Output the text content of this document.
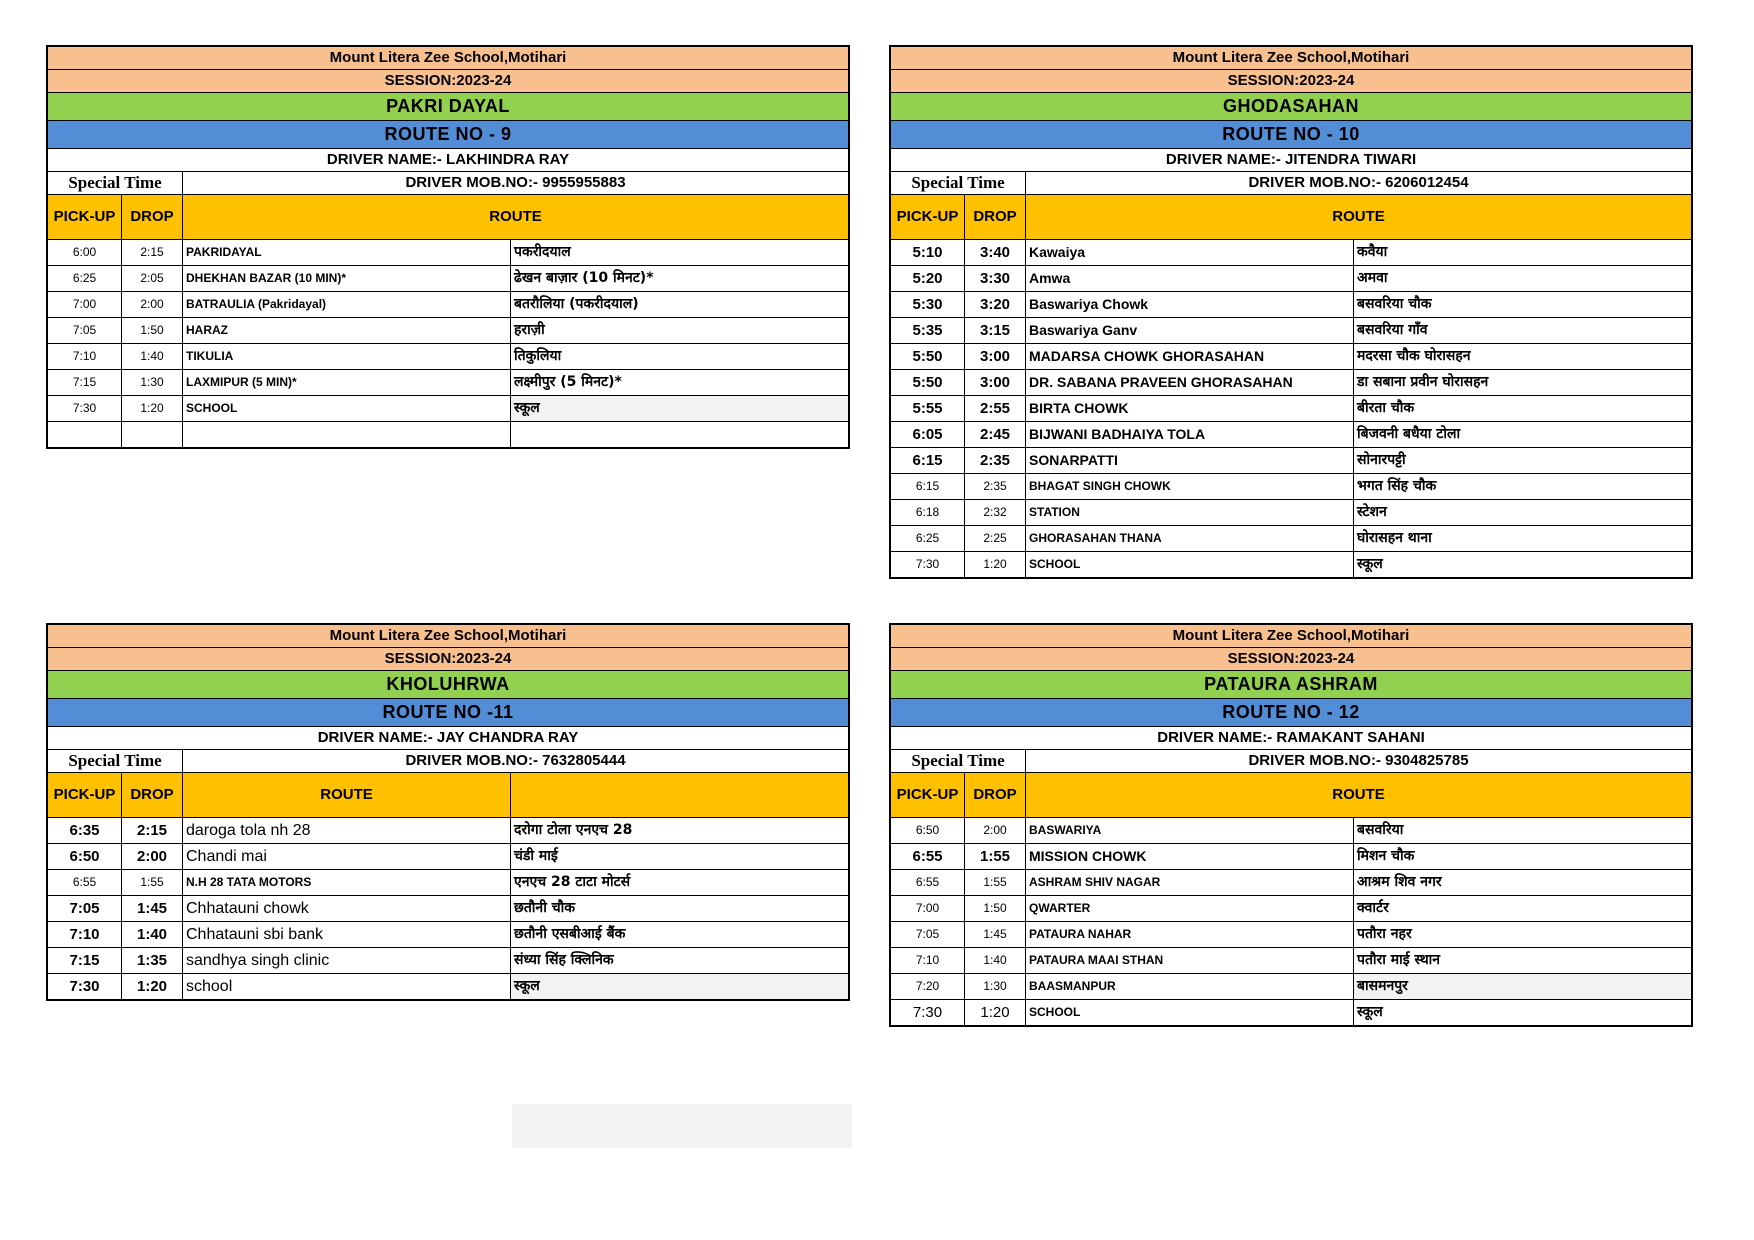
Mount Litera Zee School,Motihari
SESSION:2023-24
PAKRI DAYAL
ROUTE NO - 9
DRIVER NAME:- LAKHINDRA RAY
Special Time	DRIVER MOB.NO:- 9955955883
PICK-UP	DROP	ROUTE
6:00	2:15	PAKRIDAYAL	पकरीदयाल
6:25	2:05	DHEKHAN BAZAR (10 MIN)*	ढेखन बाज़ार (10 मिनट)*
7:00	2:00	BATRAULIA (Pakridayal)	बतरौलिया (पकरीदयाल)
7:05	1:50	HARAZ	हराज़ी
7:10	1:40	TIKULIA	तिकुलिया
7:15	1:30	LAXMIPUR (5 MIN)*	लक्ष्मीपुर (5 मिनट)*
7:30	1:20	SCHOOL	स्कूल
Mount Litera Zee School,Motihari
SESSION:2023-24
GHODASAHAN
ROUTE NO - 10
DRIVER NAME:- JITENDRA TIWARI
Special Time	DRIVER MOB.NO:- 6206012454
PICK-UP	DROP	ROUTE
5:10	3:40	Kawaiya	कवैया
5:20	3:30	Amwa	अमवा
5:30	3:20	Baswariya Chowk	बसवरिया चौक
5:35	3:15	Baswariya Ganv	बसवरिया गाँव
5:50	3:00	MADARSA CHOWK GHORASAHAN	मदरसा चौक घोरासहन
5:50	3:00	DR. SABANA PRAVEEN GHORASAHAN	डा सबाना प्रवीन घोरासहन
5:55	2:55	BIRTA CHOWK	बीरता चौक
6:05	2:45	BIJWANI BADHAIYA TOLA	बिजवनी बधैया टोला
6:15	2:35	SONARPATTI	सोनारपट्टी
6:15	2:35	BHAGAT SINGH CHOWK	भगत सिंह चौक
6:18	2:32	STATION	स्टेशन
6:25	2:25	GHORASAHAN THANA	घोरासहन थाना
7:30	1:20	SCHOOL	स्कूल
Mount Litera Zee School,Motihari
SESSION:2023-24
KHOLUHRWA
ROUTE NO -11
DRIVER NAME:- JAY CHANDRA RAY
Special Time	DRIVER MOB.NO:- 7632805444
PICK-UP	DROP	ROUTE
6:35	2:15	daroga tola nh 28	दरोगा टोला एनएच 28
6:50	2:00	Chandi mai	चंडी माई
6:55	1:55	N.H 28 TATA MOTORS	एनएच 28 टाटा मोटर्स
7:05	1:45	Chhatauni chowk	छतौनी चौक
7:10	1:40	Chhatauni sbi bank	छतौनी एसबीआई बैंक
7:15	1:35	sandhya singh clinic	संध्या सिंह क्लिनिक
7:30	1:20	school	स्कूल
Mount Litera Zee School,Motihari
SESSION:2023-24
PATAURA ASHRAM
ROUTE NO - 12
DRIVER NAME:- RAMAKANT SAHANI
Special Time	DRIVER MOB.NO:- 9304825785
PICK-UP	DROP	ROUTE
6:50	2:00	BASWARIYA	बसवरिया
6:55	1:55	MISSION CHOWK	मिशन चौक
6:55	1:55	ASHRAM SHIV NAGAR	आश्रम शिव नगर
7:00	1:50	QWARTER	क्वार्टर
7:05	1:45	PATAURA NAHAR	पतौरा नहर
7:10	1:40	PATAURA MAAI STHAN	पतौरा माई स्थान
7:20	1:30	BAASMANPUR	बासमनपुर
7:30	1:20	SCHOOL	स्कूल
